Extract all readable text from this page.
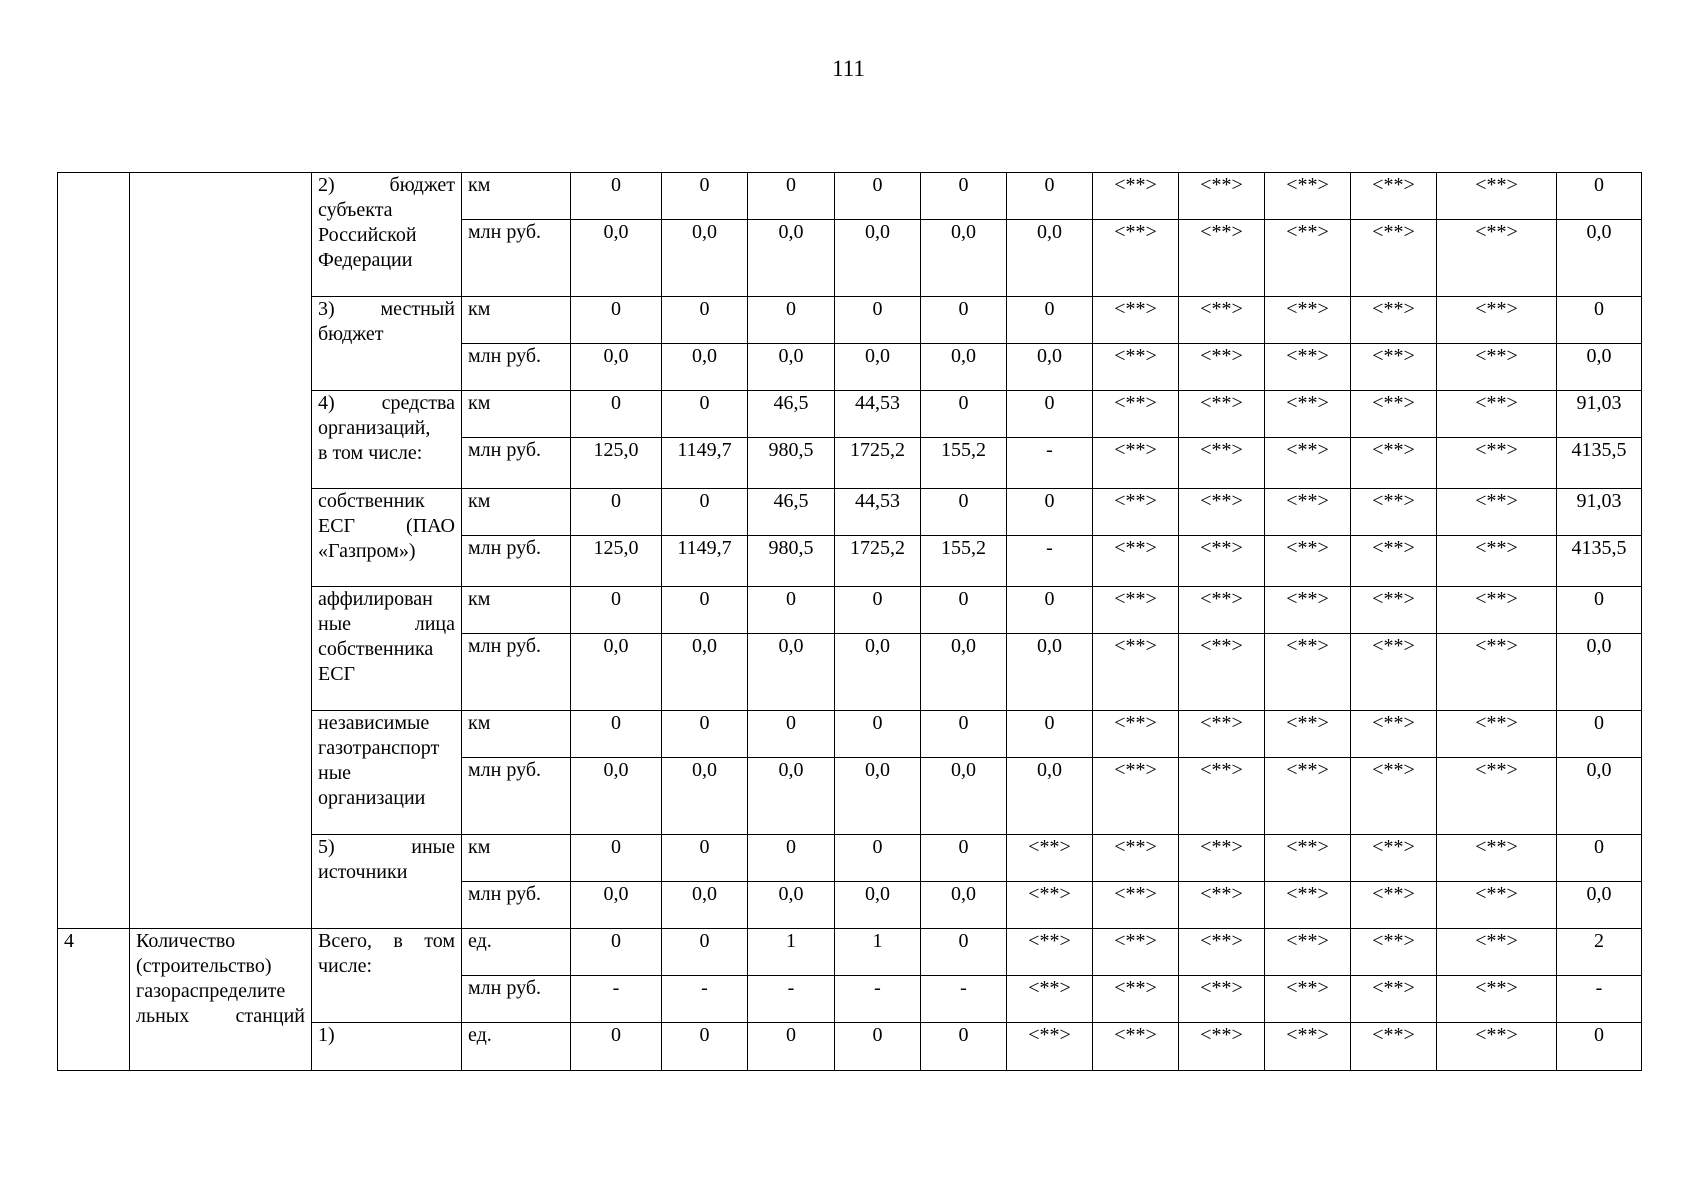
111

		2) бюджет
субъекта
Российской
Федерации	км	0	0	0	0	0	0	<**>	<**>	<**>	<**>	<**>	0
			млн руб.	0,0	0,0	0,0	0,0	0,0	0,0	<**>	<**>	<**>	<**>	<**>	0,0

		3) местный
бюджет	км	0	0	0	0	0	0	<**>	<**>	<**>	<**>	<**>	0
			млн руб.	0,0	0,0	0,0	0,0	0,0	0,0	<**>	<**>	<**>	<**>	<**>	0,0

		4) средства
организаций,
в том числе:	км	0	0	46,5	44,53	0	0	<**>	<**>	<**>	<**>	<**>	91,03
			млн руб.	125,0	1149,7	980,5	1725,2	155,2	-	<**>	<**>	<**>	<**>	<**>	4135,5

		собственник
ЕСГ (ПАО
«Газпром»)	км	0	0	46,5	44,53	0	0	<**>	<**>	<**>	<**>	<**>	91,03
			млн руб.	125,0	1149,7	980,5	1725,2	155,2	-	<**>	<**>	<**>	<**>	<**>	4135,5

		аффилирован
ные лица
собственника
ЕСГ	км	0	0	0	0	0	0	<**>	<**>	<**>	<**>	<**>	0
			млн руб.	0,0	0,0	0,0	0,0	0,0	0,0	<**>	<**>	<**>	<**>	<**>	0,0

		независимые
газотранспорт
ные
организации	км	0	0	0	0	0	0	<**>	<**>	<**>	<**>	<**>	0
			млн руб.	0,0	0,0	0,0	0,0	0,0	0,0	<**>	<**>	<**>	<**>	<**>	0,0

		5) иные
источники	км	0	0	0	0	0	<**>	<**>	<**>	<**>	<**>	<**>	0
			млн руб.	0,0	0,0	0,0	0,0	0,0	<**>	<**>	<**>	<**>	<**>	<**>	0,0
4	Количество
(строительство)
газораспределите
льных станций	Всего, в том
числе:	ед.	0	0	1	1	0	<**>	<**>	<**>	<**>	<**>	<**>	2
			млн руб.	-	-	-	-	-	<**>	<**>	<**>	<**>	<**>	<**>	-

		1)	ед.	0	0	0	0	0	<**>	<**>	<**>	<**>	<**>	<**>	0
